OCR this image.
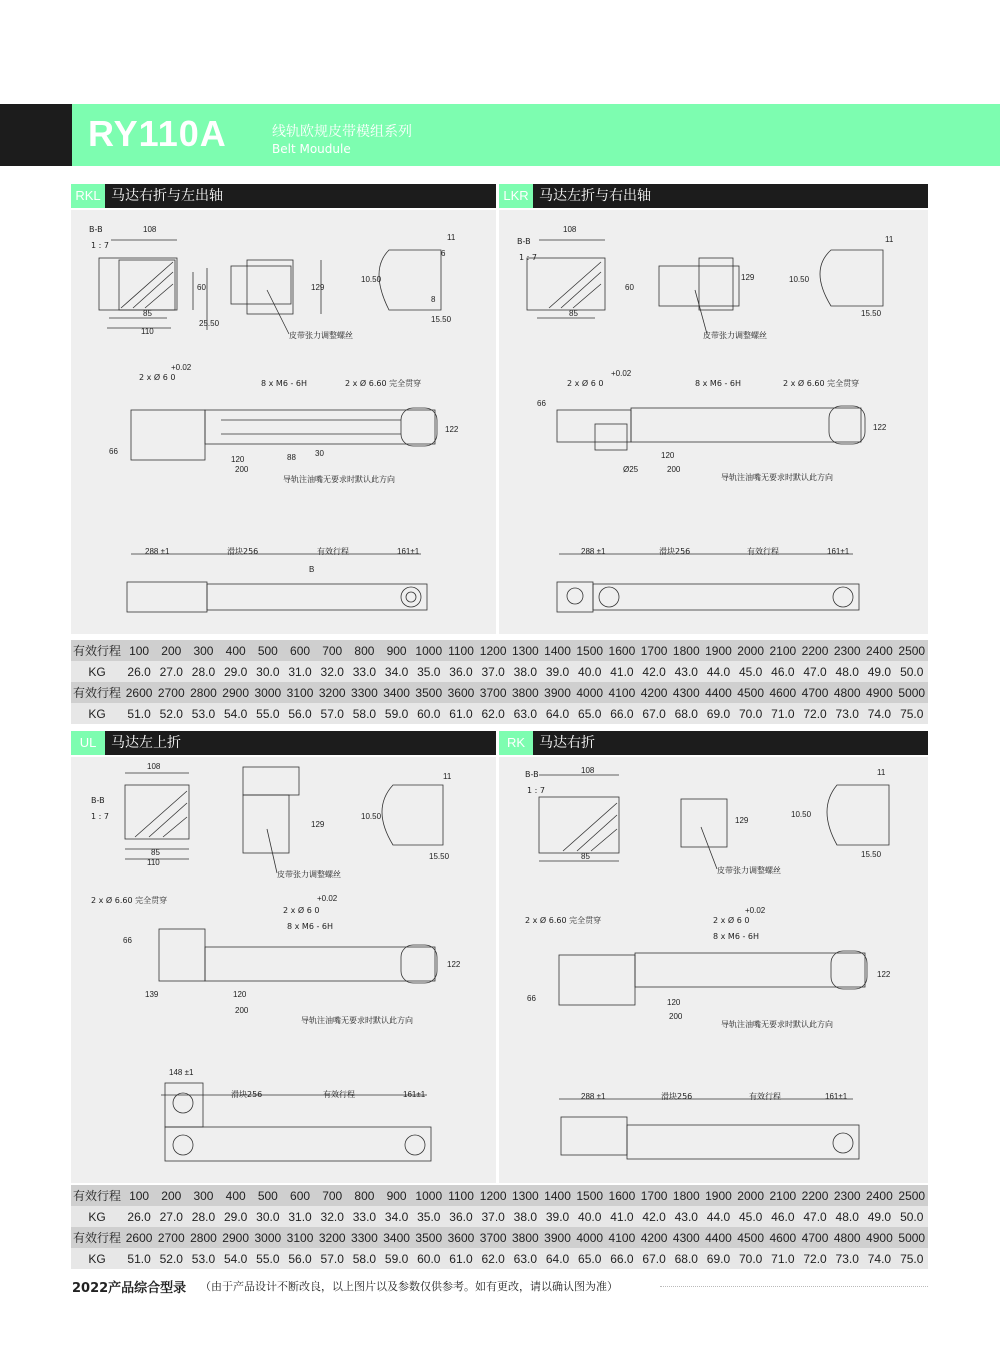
RY110A	线轨欧规皮带模组系列
Belt Moudule
RKL 马达右折与左出轴	LKR 马达左折与右出轴
UL	马达左上折	RK 马达右折
B-B
1 : 7
108
85
110
60
25.50
129
皮带张力调整螺丝
11
6
15.50
10.50
8
+0.02
2 x Ø 6 0
8 x M6 - 6H	2 x Ø 6.60 完全贯穿
120
200
88 30
122
66
导轨注油嘴无要求时默认此方向
288 ±1	滑块256	有效行程	161±1
B
B-B
1 : 7
108
85
60
129
皮带张力调整螺丝
11
15.50
10.50
+0.02
2 x Ø 6 0	8 x M6 - 6H	2 x Ø 6.60 完全贯穿
120
200
122
66
Ø25
导轨注油嘴无要求时默认此方向
288 ±1	滑块256	有效行程	161±1
B-B
1 : 7
108
85
110
129
皮带张力调整螺丝
11
15.50
10.50
2 x Ø 6.60 完全贯穿	+0.02
2 x Ø 6 0
8 x M6 - 6H
120
200
122
66
139
导轨注油嘴无要求时默认此方向
148 ±1
滑块256	有效行程	161±1
B-B
1 : 7
108
85
129
皮带张力调整螺丝
11
15.50
10.50
2 x Ø 6.60 完全贯穿
+0.02
2 x Ø 6 0
8 x M6 - 6H
120
200
122
66
导轨注油嘴无要求时默认此方向
288 ±1	滑块256	有效行程	161±1
有效行程	100	200	300	400	500	600	700	800	900	1000	1100	1200	1300	1400	1500	1600	1700	1800	1900	2000	2100	2200	2300	2400	2500
KG	26.0	27.0	28.0	29.0	30.0	31.0	32.0	33.0	34.0	35.0	36.0	37.0	38.0	39.0	40.0	41.0	42.0	43.0	44.0	45.0	46.0	47.0	48.0	49.0	50.0
有效行程	2600	2700	2800	2900	3000	3100	3200	3300	3400	3500	3600	3700	3800	3900	4000	4100	4200	4300	4400	4500	4600	4700	4800	4900	5000
KG	51.0	52.0	53.0	54.0	55.0	56.0	57.0	58.0	59.0	60.0	61.0	62.0	63.0	64.0	65.0	66.0	67.0	68.0	69.0	70.0	71.0	72.0	73.0	74.0	75.0
有效行程	100	200	300	400	500	600	700	800	900	1000	1100	1200	1300	1400	1500	1600	1700	1800	1900	2000	2100	2200	2300	2400	2500
KG	26.0	27.0	28.0	29.0	30.0	31.0	32.0	33.0	34.0	35.0	36.0	37.0	38.0	39.0	40.0	41.0	42.0	43.0	44.0	45.0	46.0	47.0	48.0	49.0	50.0
有效行程	2600	2700	2800	2900	3000	3100	3200	3300	3400	3500	3600	3700	3800	3900	4000	4100	4200	4300	4400	4500	4600	4700	4800	4900	5000
KG	51.0	52.0	53.0	54.0	55.0	56.0	57.0	58.0	59.0	60.0	61.0	62.0	63.0	64.0	65.0	66.0	67.0	68.0	69.0	70.0	71.0	72.0	73.0	74.0	75.0
2022产品综合型录 （由于产品设计不断改良，以上图片以及参数仅供参考。如有更改，请以确认图为准）
